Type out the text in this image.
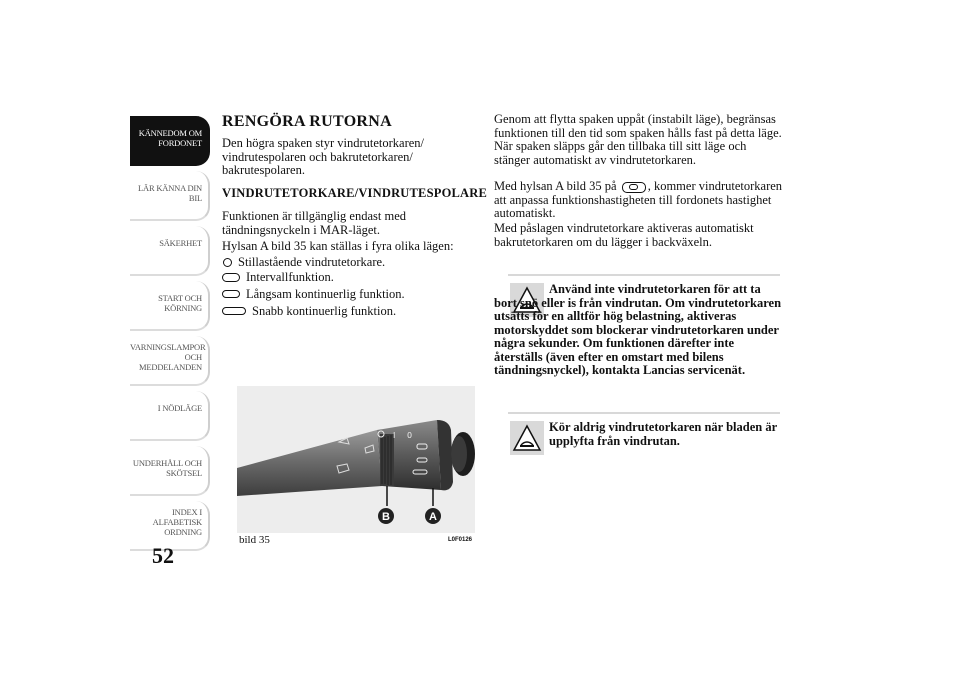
KÄNNEDOM OM
FORDONET
LÄR KÄNNA DIN
BIL
SÄKERHET
START OCH
KÖRNING
VARNINGSLAMPOR
OCH
MEDDELANDEN
I NÖDLÄGE
UNDERHÅLL OCH
SKÖTSEL
INDEX I
ALFABETISK
ORDNING
52
RENGÖRA RUTORNA
Den högra spaken styr vindrutetorkaren/ vindrutespolaren och bakrutetorkaren/ bakrutespolaren.
VINDRUTETORKARE/VINDRUTESPOLARE
Funktionen är tillgänglig endast med tändningsnyckeln i MAR-läget.
Hylsan A bild 35 kan ställas i fyra olika lägen:
Stillastående vindrutetorkare.
Intervallfunktion.
Långsam kontinuerlig funktion.
Snabb kontinuerlig funktion.
I 0
B	A
bild 35	L0F0126
Genom att flytta spaken uppåt (instabilt läge), begränsas funktionen till den tid som spaken hålls fast på detta läge. När spaken släpps går den tillbaka till sitt läge och stänger automatiskt av vindrutetorkaren.
Med hylsan A bild 35 på , kommer vindrutetorkaren att anpassa funktionshastigheten till fordonets hastighet automatiskt.
Med påslagen vindrutetorkare aktiveras automatiskt bakrutetorkaren om du lägger i backväxeln.
Använd inte vindrutetorkaren för att ta bort snö eller is från vindrutan. Om vindrutetorkaren utsätts för en alltför hög belastning, aktiveras motorskyddet som blockerar vindrutetorkaren under några sekunder. Om funktionen därefter inte återställs (även efter en omstart med bilens tändningsnyckel), kontakta Lancias servicenät.
Kör aldrig vindrutetorkaren när bladen är upplyfta från vindrutan.
